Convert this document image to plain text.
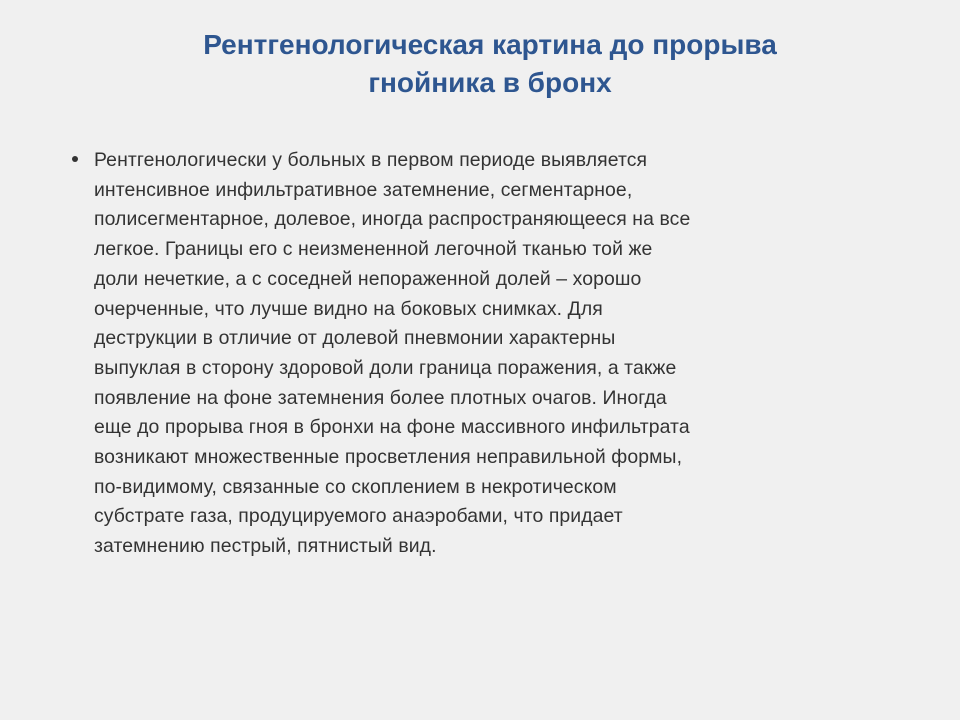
Рентгенологическая картина до прорыва
гнойника в бронх
Рентгенологически у больных в первом периоде выявляется
интенсивное инфильтративное затемнение, сегментарное,
полисегментарное, долевое, иногда распространяющееся на все
легкое. Границы его с неизмененной легочной тканью той же
доли нечеткие, а с соседней непораженной долей – хорошо
очерченные, что лучше видно на боковых снимках. Для
деструкции в отличие от долевой пневмонии характерны
выпуклая в сторону здоровой доли граница поражения, а также
появление на фоне затемнения более плотных очагов. Иногда
еще до прорыва гноя в бронхи на фоне массивного инфильтрата
возникают множественные просветления неправильной формы,
по-видимому, связанные со скоплением в некротическом
субстрате газа, продуцируемого анаэробами, что придает
затемнению пестрый, пятнистый вид.
